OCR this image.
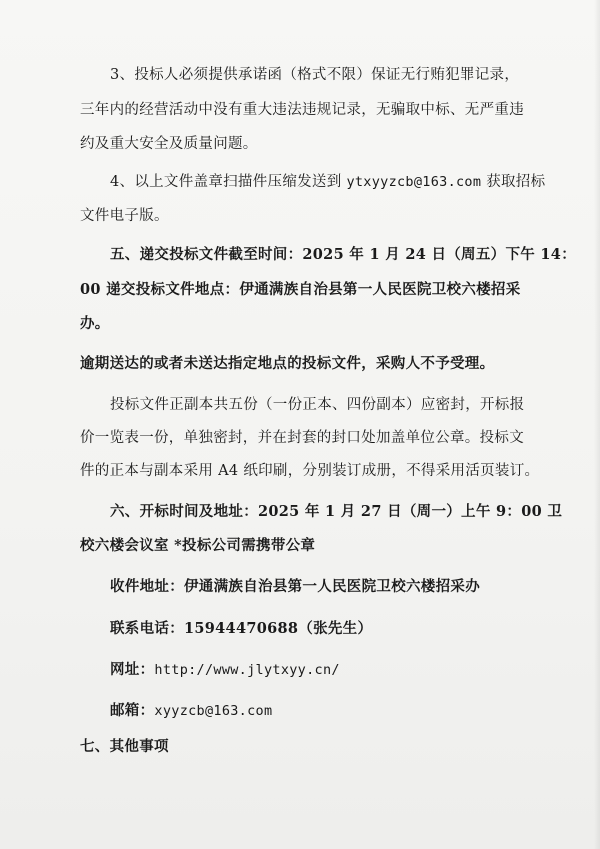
3、投标人必须提供承诺函（格式不限）保证无行贿犯罪记录，
三年内的经营活动中没有重大违法违规记录，无骗取中标、无严重违
约及重大安全及质量问题。
4、以上文件盖章扫描件压缩发送到 ytxyyzcb@163.com 获取招标
文件电子版。
五、递交投标文件截至时间：2025 年 1 月 24 日（周五）下午 14：
00 递交投标文件地点：伊通满族自治县第一人民医院卫校六楼招采
办。
逾期送达的或者未送达指定地点的投标文件，采购人不予受理。
投标文件正副本共五份（一份正本、四份副本）应密封，开标报
价一览表一份，单独密封，并在封套的封口处加盖单位公章。投标文
件的正本与副本采用 A4 纸印刷，分别装订成册，不得采用活页装订。
六、开标时间及地址：2025 年 1 月 27 日（周一）上午 9：00 卫
校六楼会议室 *投标公司需携带公章
收件地址：伊通满族自治县第一人民医院卫校六楼招采办
联系电话：15944470688（张先生）
网址：http://www.jlytxyy.cn/
邮箱：xyyzcb@163.com
七、其他事项
